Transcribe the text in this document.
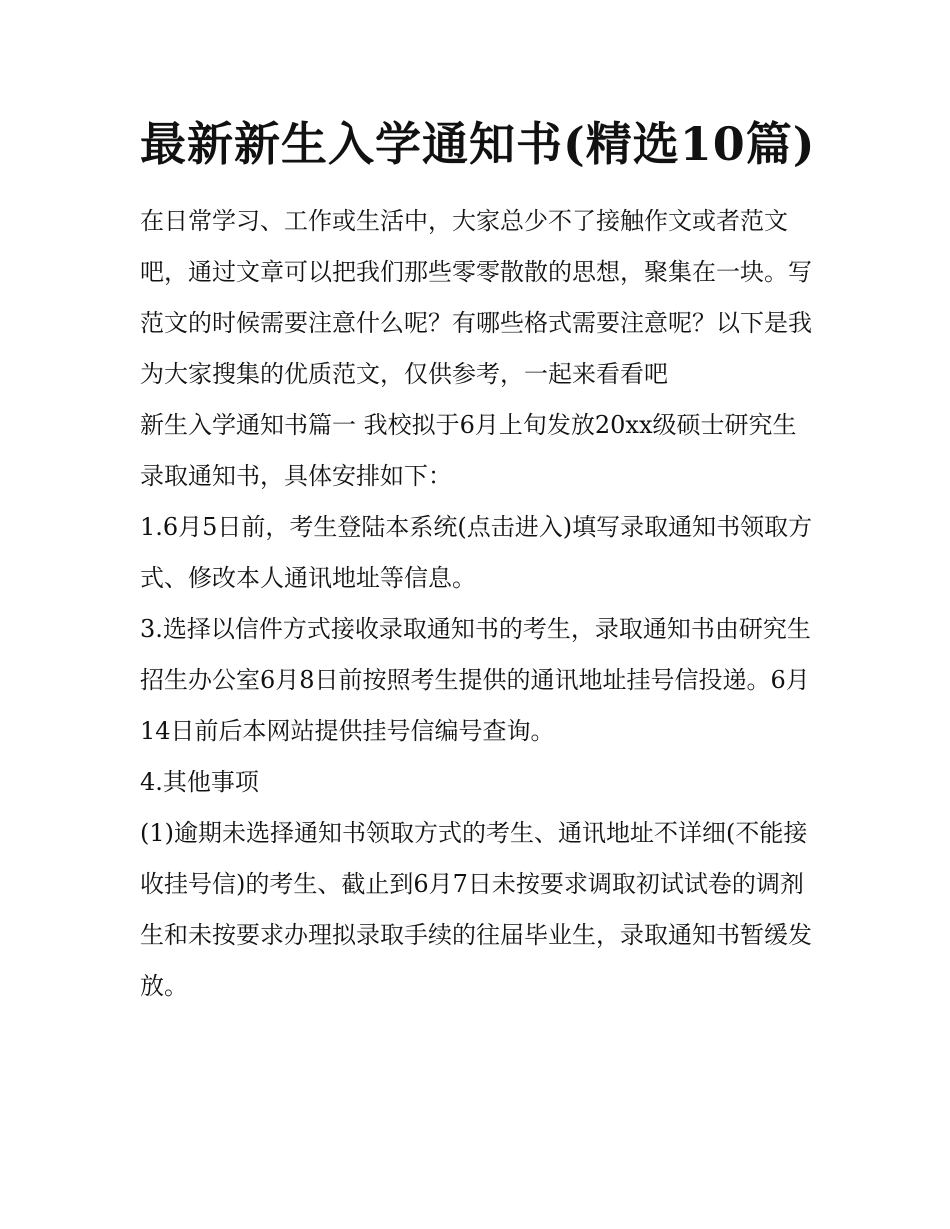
最新新生入学通知书(精选10篇)

在日常学习、工作或生活中，大家总少不了接触作文或者范文吧，通过文章可以把我们那些零零散散的思想，聚集在一块。写范文的时候需要注意什么呢？有哪些格式需要注意呢？以下是我为大家搜集的优质范文，仅供参考，一起来看看吧

新生入学通知书篇一 我校拟于6月上旬发放20xx级硕士研究生录取通知书，具体安排如下：

1.6月5日前，考生登陆本系统(点击进入)填写录取通知书领取方式、修改本人通讯地址等信息。

3.选择以信件方式接收录取通知书的考生，录取通知书由研究生招生办公室6月8日前按照考生提供的通讯地址挂号信投递。6月14日前后本网站提供挂号信编号查询。

4.其他事项

(1)逾期未选择通知书领取方式的考生、通讯地址不详细(不能接收挂号信)的考生、截止到6月7日未按要求调取初试试卷的调剂生和未按要求办理拟录取手续的往届毕业生，录取通知书暂缓发放。
